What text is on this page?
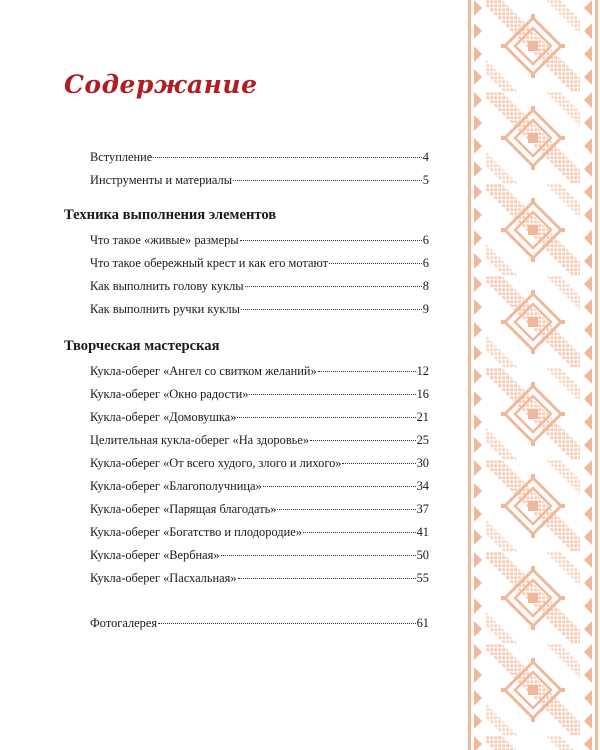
Содержание
Вступление	4
Инструменты и материалы	5
Техника выполнения элементов
Что такое «живые» размеры	6
Что такое обережный крест и как его мотают	6
Как выполнить голову куклы	8
Как выполнить ручки куклы	9
Творческая мастерская
Кукла-оберег «Ангел со свитком желаний»	12
Кукла-оберег «Окно радости»	16
Кукла-оберег «Домовушка»	21
Целительная кукла-оберег «На здоровье»	25
Кукла-оберег «От всего худого, злого и лихого»	30
Кукла-оберег «Благополучница»	34
Кукла-оберег «Парящая благодать»	37
Кукла-оберег «Богатство и плодородие»	41
Кукла-оберег «Вербная»	50
Кукла-оберег «Пасхальная»	55
Фотогалерея	61
